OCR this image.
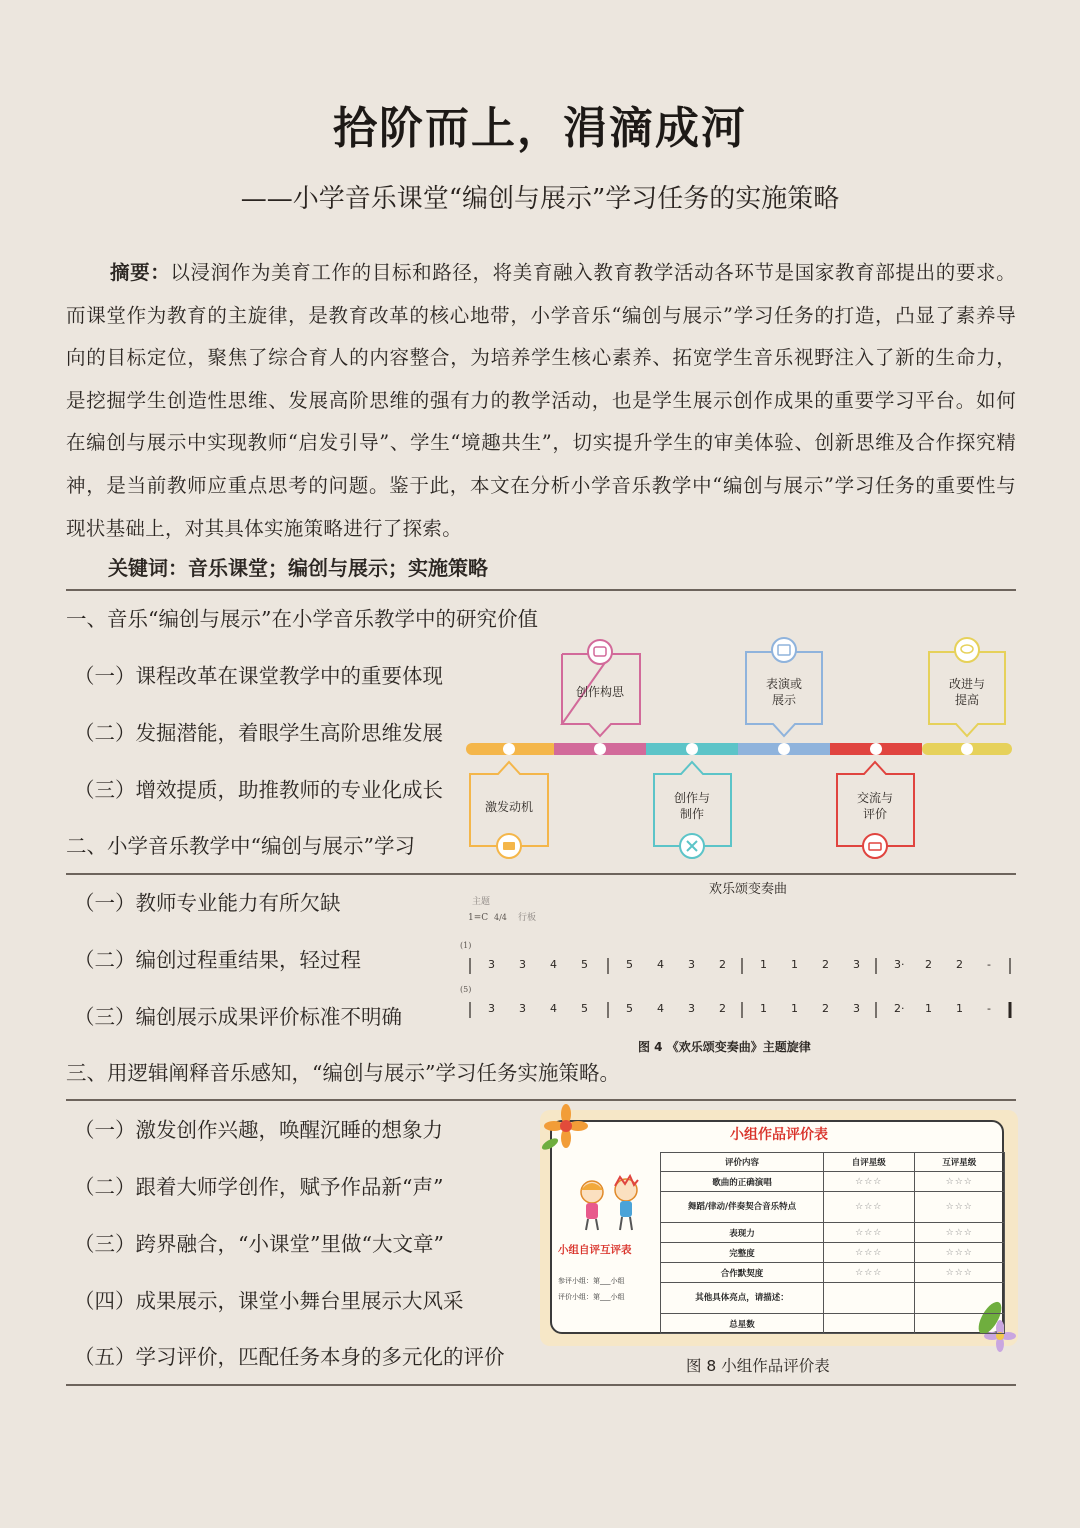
拾阶而上，涓滴成河
——小学音乐课堂“编创与展示”学习任务的实施策略
摘要：以浸润作为美育工作的目标和路径，将美育融入教育教学活动各环节是国家教育部提出的要求。而课堂作为教育的主旋律，是教育改革的核心地带，小学音乐“编创与展示”学习任务的打造，凸显了素养导向的目标定位，聚焦了综合育人的内容整合，为培养学生核心素养、拓宽学生音乐视野注入了新的生命力，是挖掘学生创造性思维、发展高阶思维的强有力的教学活动，也是学生展示创作成果的重要学习平台。如何在编创与展示中实现教师“启发引导”、学生“境趣共生”，切实提升学生的审美体验、创新思维及合作探究精神，是当前教师应重点思考的问题。鉴于此，本文在分析小学音乐教学中“编创与展示”学习任务的重要性与现状基础上，对其具体实施策略进行了探索。
关键词：音乐课堂；编创与展示；实施策略
一、音乐“编创与展示”在小学音乐教学中的研究价值
（一）课程改革在课堂教学中的重要体现
（二）发掘潜能，着眼学生高阶思维发展
（三）增效提质，助推教师的专业化成长
二、小学音乐教学中“编创与展示”学习
创作构思
表演或
展示
改进与
提高
激发动机
创作与
制作
交流与
评价
（一）教师专业能力有所欠缺
（二）编创过程重结果，轻过程
（三）编创展示成果评价标准不明确
欢乐颂变奏曲
主题
1=C 4/4 行板
(1)
(5)
3 3 4 5	5 4 3 2	1 1 2 3	3· 2 2 -
3 3 4 5	5 4 3 2	1 1 2 3	2· 1 1 -
图 4 《欢乐颂变奏曲》主题旋律
三、用逻辑阐释音乐感知，“编创与展示”学习任务实施策略。
（一）激发创作兴趣，唤醒沉睡的想象力
（二）跟着大师学创作，赋予作品新“声”
（三）跨界融合，“小课堂”里做“大文章”
（四）成果展示，课堂小舞台里展示大风采
（五）学习评价，匹配任务本身的多元化的评价
小组作品评价表
小组自评互评表
参评小组：第___小组
评价小组：第___小组
评价内容	自评星级	互评星级
歌曲的正确演唱	☆☆☆	☆☆☆
舞蹈/律动/伴奏契合音乐特点	☆☆☆	☆☆☆
表现力	☆☆☆	☆☆☆
完整度	☆☆☆	☆☆☆
合作默契度	☆☆☆	☆☆☆
其他具体亮点，请描述：		
总星数		
图 8 小组作品评价表
